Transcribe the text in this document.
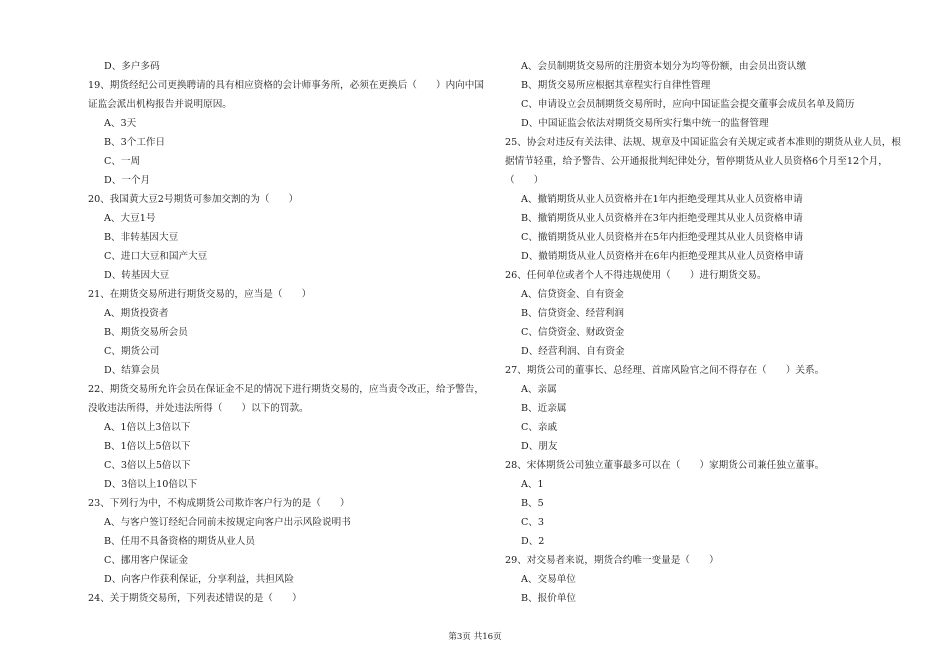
D、多户多码
19、期货经纪公司更换聘请的具有相应资格的会计师事务所，必须在更换后（　　）内向中国
证监会派出机构报告并说明原因。
A、3天
B、3个工作日
C、一周
D、一个月
20、我国黄大豆2号期货可参加交割的为（　　）
A、大豆1号
B、非转基因大豆
C、进口大豆和国产大豆
D、转基因大豆
21、在期货交易所进行期货交易的，应当是（　　）
A、期货投资者
B、期货交易所会员
C、期货公司
D、结算会员
22、期货交易所允许会员在保证金不足的情况下进行期货交易的，应当责令改正，给予警告，
没收违法所得，并处违法所得（　　）以下的罚款。
A、1倍以上3倍以下
B、1倍以上5倍以下
C、3倍以上5倍以下
D、3倍以上10倍以下
23、下列行为中，不构成期货公司欺诈客户行为的是（　　）
A、与客户签订经纪合同前未按规定向客户出示风险说明书
B、任用不具备资格的期货从业人员
C、挪用客户保证金
D、向客户作获利保证，分享利益，共担风险
24、关于期货交易所，下列表述错误的是（　　）
A、会员制期货交易所的注册资本划分为均等份额，由会员出资认缴
B、期货交易所应根据其章程实行自律性管理
C、申请设立会员制期货交易所时，应向中国证监会提交董事会成员名单及简历
D、中国证监会依法对期货交易所实行集中统一的监督管理
25、协会对违反有关法律、法规、规章及中国证监会有关规定或者本准则的期货从业人员，根
据情节轻重，给予警告、公开通报批判纪律处分，暂停期货从业人员资格6个月至12个月，
（　　）
A、撤销期货从业人员资格并在1年内拒绝受理其从业人员资格申请
B、撤销期货从业人员资格并在3年内拒绝受理其从业人员资格申请
C、撤销期货从业人员资格并在5年内拒绝受理其从业人员资格申请
D、撤销期货从业人员资格并在6年内拒绝受理其从业人员资格申请
26、任何单位或者个人不得违规使用（　　）进行期货交易。
A、信贷资金、自有资金
B、信贷资金、经营利润
C、信贷资金、财政资金
D、经营利润、自有资金
27、期货公司的董事长、总经理、首席风险官之间不得存在（　　）关系。
A、亲属
B、近亲属
C、亲戚
D、朋友
28、宋体期货公司独立董事最多可以在（　　）家期货公司兼任独立董事。
A、1
B、5
C、3
D、2
29、对交易者来说，期货合约唯一变量是（　　）
A、交易单位
B、报价单位
第3页 共16页
